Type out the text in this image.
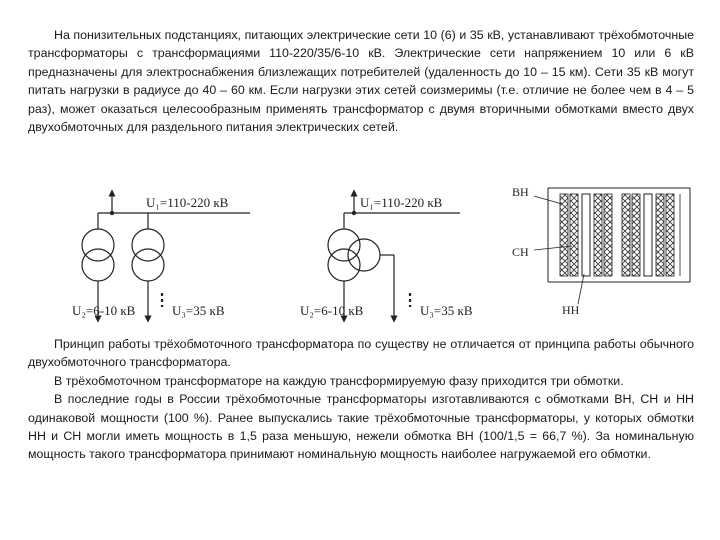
На понизительных подстанциях, питающих электрические сети 10 (6) и 35 кВ, устанавливают трёхобмоточные трансформаторы с трансформациями 110-220/35/6-10 кВ. Электрические сети напряжением 10 или 6 кВ предназначены для электроснабжения близлежащих потребителей (удаленность до 10 – 15 км). Сети 35 кВ могут питать нагрузки в радиусе до 40 – 60 км. Если нагрузки этих сетей соизмеримы (т.е. отличие не более чем в 4 – 5 раз), может оказаться целесообразным применять трансформатор с двумя вторичными обмотками вместо двух двухобмоточных для раздельного питания электрических сетей.

U₁=110-220 кВ
U₂=6-10 кВ	U₃=35 кВ
U₁=110-220 кВ
U₂=6-10 кВ	U₃=35 кВ
ВН
СН
НН

Принцип работы трёхобмоточного трансформатора по существу не отличается от принципа работы обычного двухобмоточного трансформатора.

В трёхобмоточном трансформаторе на каждую трансформируемую фазу приходится три обмотки.

В последние годы в России трёхобмоточные трансформаторы изготавливаются с обмотками ВН, СН и НН одинаковой мощности (100 %). Ранее выпускались такие трёхобмоточные трансформаторы, у которых обмотки НН и СН могли иметь мощность в 1,5 раза меньшую, нежели обмотка ВН (100/1,5 = 66,7 %). За номинальную мощность такого трансформатора принимают номинальную мощность наиболее нагружаемой его обмотки.
